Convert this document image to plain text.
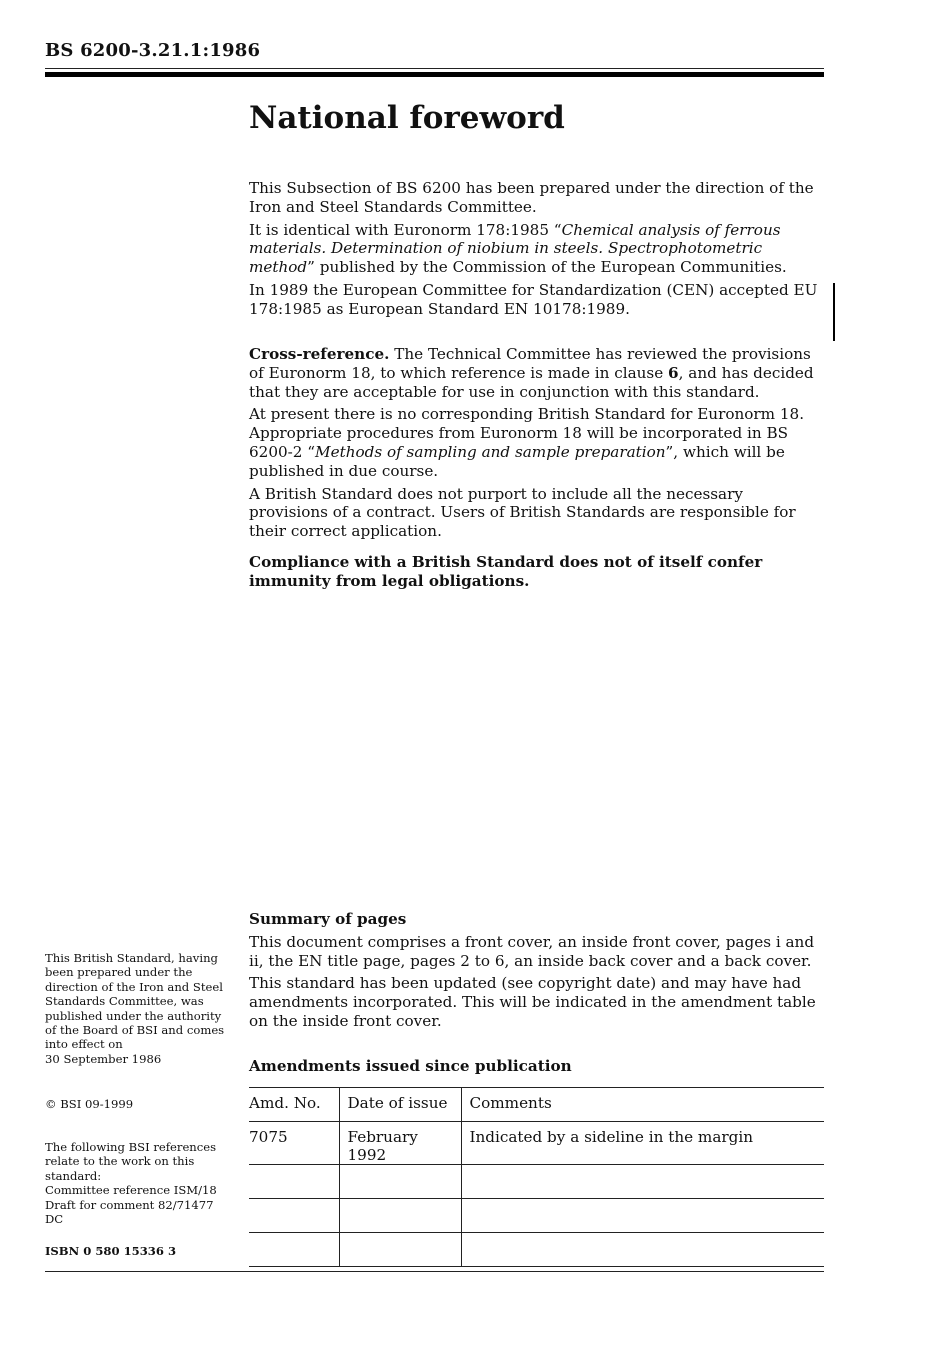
BS 6200-3.21.1:1986
National foreword

This Subsection of BS 6200 has been prepared under the direction of the Iron and Steel Standards Committee.

It is identical with Euronorm 178:1985 “Chemical analysis of ferrous materials. Determination of niobium in steels. Spectrophotometric method” published by the Commission of the European Communities.

In 1989 the European Committee for Standardization (CEN) accepted EU 178:1985 as European Standard EN 10178:1989.

Cross-reference. The Technical Committee has reviewed the provisions of Euronorm 18, to which reference is made in clause 6, and has decided that they are acceptable for use in conjunction with this standard.

At present there is no corresponding British Standard for Euronorm 18. Appropriate procedures from Euronorm 18 will be incorporated in BS 6200-2 “Methods of sampling and sample preparation”, which will be published in due course.

A British Standard does not purport to include all the necessary provisions of a contract. Users of British Standards are responsible for their correct application.

Compliance with a British Standard does not of itself confer immunity from legal obligations.

Summary of pages

This document comprises a front cover, an inside front cover, pages i and ii, the EN title page, pages 2 to 6, an inside back cover and a back cover.

This standard has been updated (see copyright date) and may have had amendments incorporated. This will be indicated in the amendment table on the inside front cover.

Amendments issued since publication

Amd. No.	Date of issue	Comments
7075	February 1992	Indicated by a sideline in the margin

This British Standard, having been prepared under the direction of the Iron and Steel Standards Committee, was published under the authority of the Board of BSI and comes

into effect on

30 September 1986

© BSI 09-1999

The following BSI references relate to the work on this standard:

Committee reference ISM/18

Draft for comment 82/71477 DC

ISBN 0 580 15336 3
